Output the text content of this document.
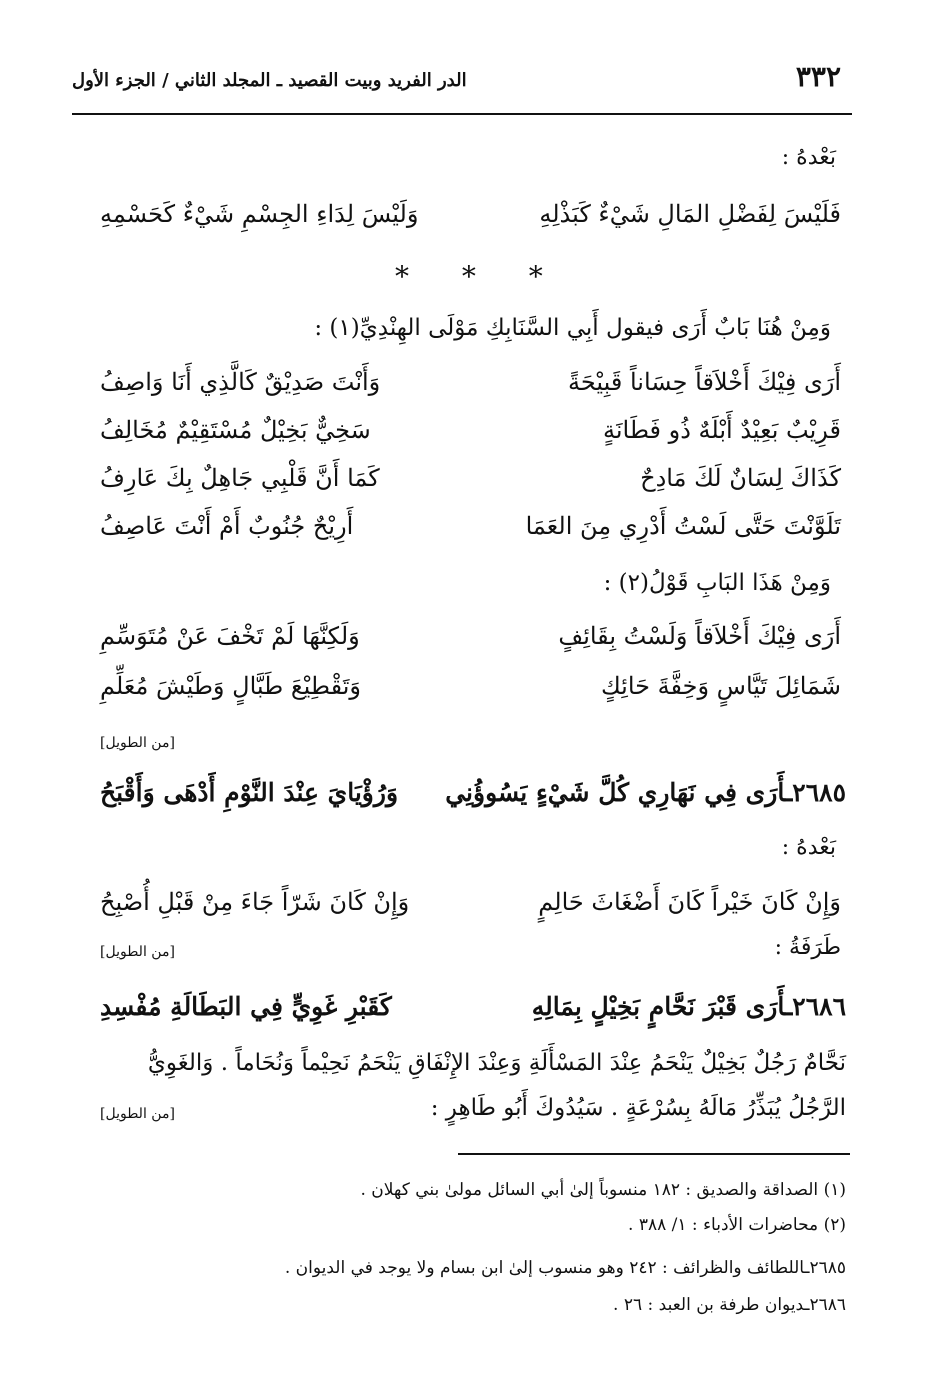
٣٣٢
الدر الفريد وبيت القصيد ـ المجلد الثاني / الجزء الأول
بَعْدهُ :
فَلَيْسَ لِفَضْلِ المَالِ شَيْءٌ كَبَذْلِهِ
وَلَيْسَ لِدَاءِ الجِسْمِ شَيْءٌ كَحَسْمِهِ
* * *
وَمِنْ هُنَا بَابٌ أَرَى فيقول أَبِي السَّنَابِكِ مَوْلَى الهِنْدِيِّ(١) :
أَرَى فِيْكَ أَخْلاَقاً حِسَاناً قَبِيْحَةً
وَأَنْتَ صَدِيْقٌ كَالَّذِي أَنَا وَاصِفُ
قَرِيْبٌ بَعِيْدٌ أَبْلَهٌ ذُو فَطَانَةٍ
سَخِيٌّ بَخِيْلٌ مُسْتَقِيْمٌ مُخَالِفُ
كَذَاكَ لِسَانٌ لَكَ مَادِحٌ
كَمَا أَنَّ قَلْبِي جَاهِلٌ بِكَ عَارِفُ
تَلَوَّنْتَ حَتَّى لَسْتُ أَدْرِي مِنَ العَمَا
أَرِيْحٌ جُنُوبٌ أَمْ أَنْتَ عَاصِفُ
وَمِنْ هَذَا البَابِ قَوْلُ(٢) :
أَرَى فِيْكَ أَخْلاَقاً وَلَسْتُ بِقَائِفٍ
وَلَكِنَّهَا لَمْ تَخْفَ عَنْ مُتَوَسِّمِ
شَمَائِلَ تَيَّاسٍ وَخِفَّةَ حَائِكٍ
وَتَقْطِيْعَ طَبَّالٍ وَطَيْشَ مُعَلِّمِ
[من الطويل]
٢٦٨٥ـأَرَى فِي نَهَارِي كُلَّ شَيْءٍ يَسُوؤُنِي
وَرُؤْيَايَ عِنْدَ النَّوْمِ أَدْهَى وَأَقْبَحُ
بَعْدهُ :
وَإِنْ كَانَ خَيْراً كَانَ أَضْغَاثَ حَالِمٍ
وَإِنْ كَانَ شَرّاً جَاءَ مِنْ قَبْلِ أُصْبِحُ
طَرَفَةُ :
[من الطويل]
٢٦٨٦ـأَرَى قَبْرَ نَحَّامٍ بَخِيْلٍ بِمَالِهِ
كَقَبْرِ غَوِيٍّ فِي البَطَالَةِ مُفْسِدِ
نَحَّامٌ رَجُلٌ بَخِيْلٌ يَنْحَمُ عِنْدَ المَسْأَلَةِ وَعِنْدَ الإِنْفَاقِ يَنْحَمُ نَحِيْماً وَنُحَاماً . وَالغَوِيُّ
الرَّجُلُ يُبَذِّرُ مَالَهُ بِسُرْعَةٍ . سَيُدُوكَ أَبُو طَاهِرٍ :
[من الطويل]
(١) الصداقة والصديق : ١٨٢ منسوباً إلىٰ أبي السائل مولىٰ بني كهلان .
(٢) محاضرات الأدباء : ١/ ٣٨٨ .
٢٦٨٥ـاللطائف والظرائف : ٢٤٢ وهو منسوب إلىٰ ابن بسام ولا يوجد في الديوان .
٢٦٨٦ـديوان طرفة بن العبد : ٢٦ .
